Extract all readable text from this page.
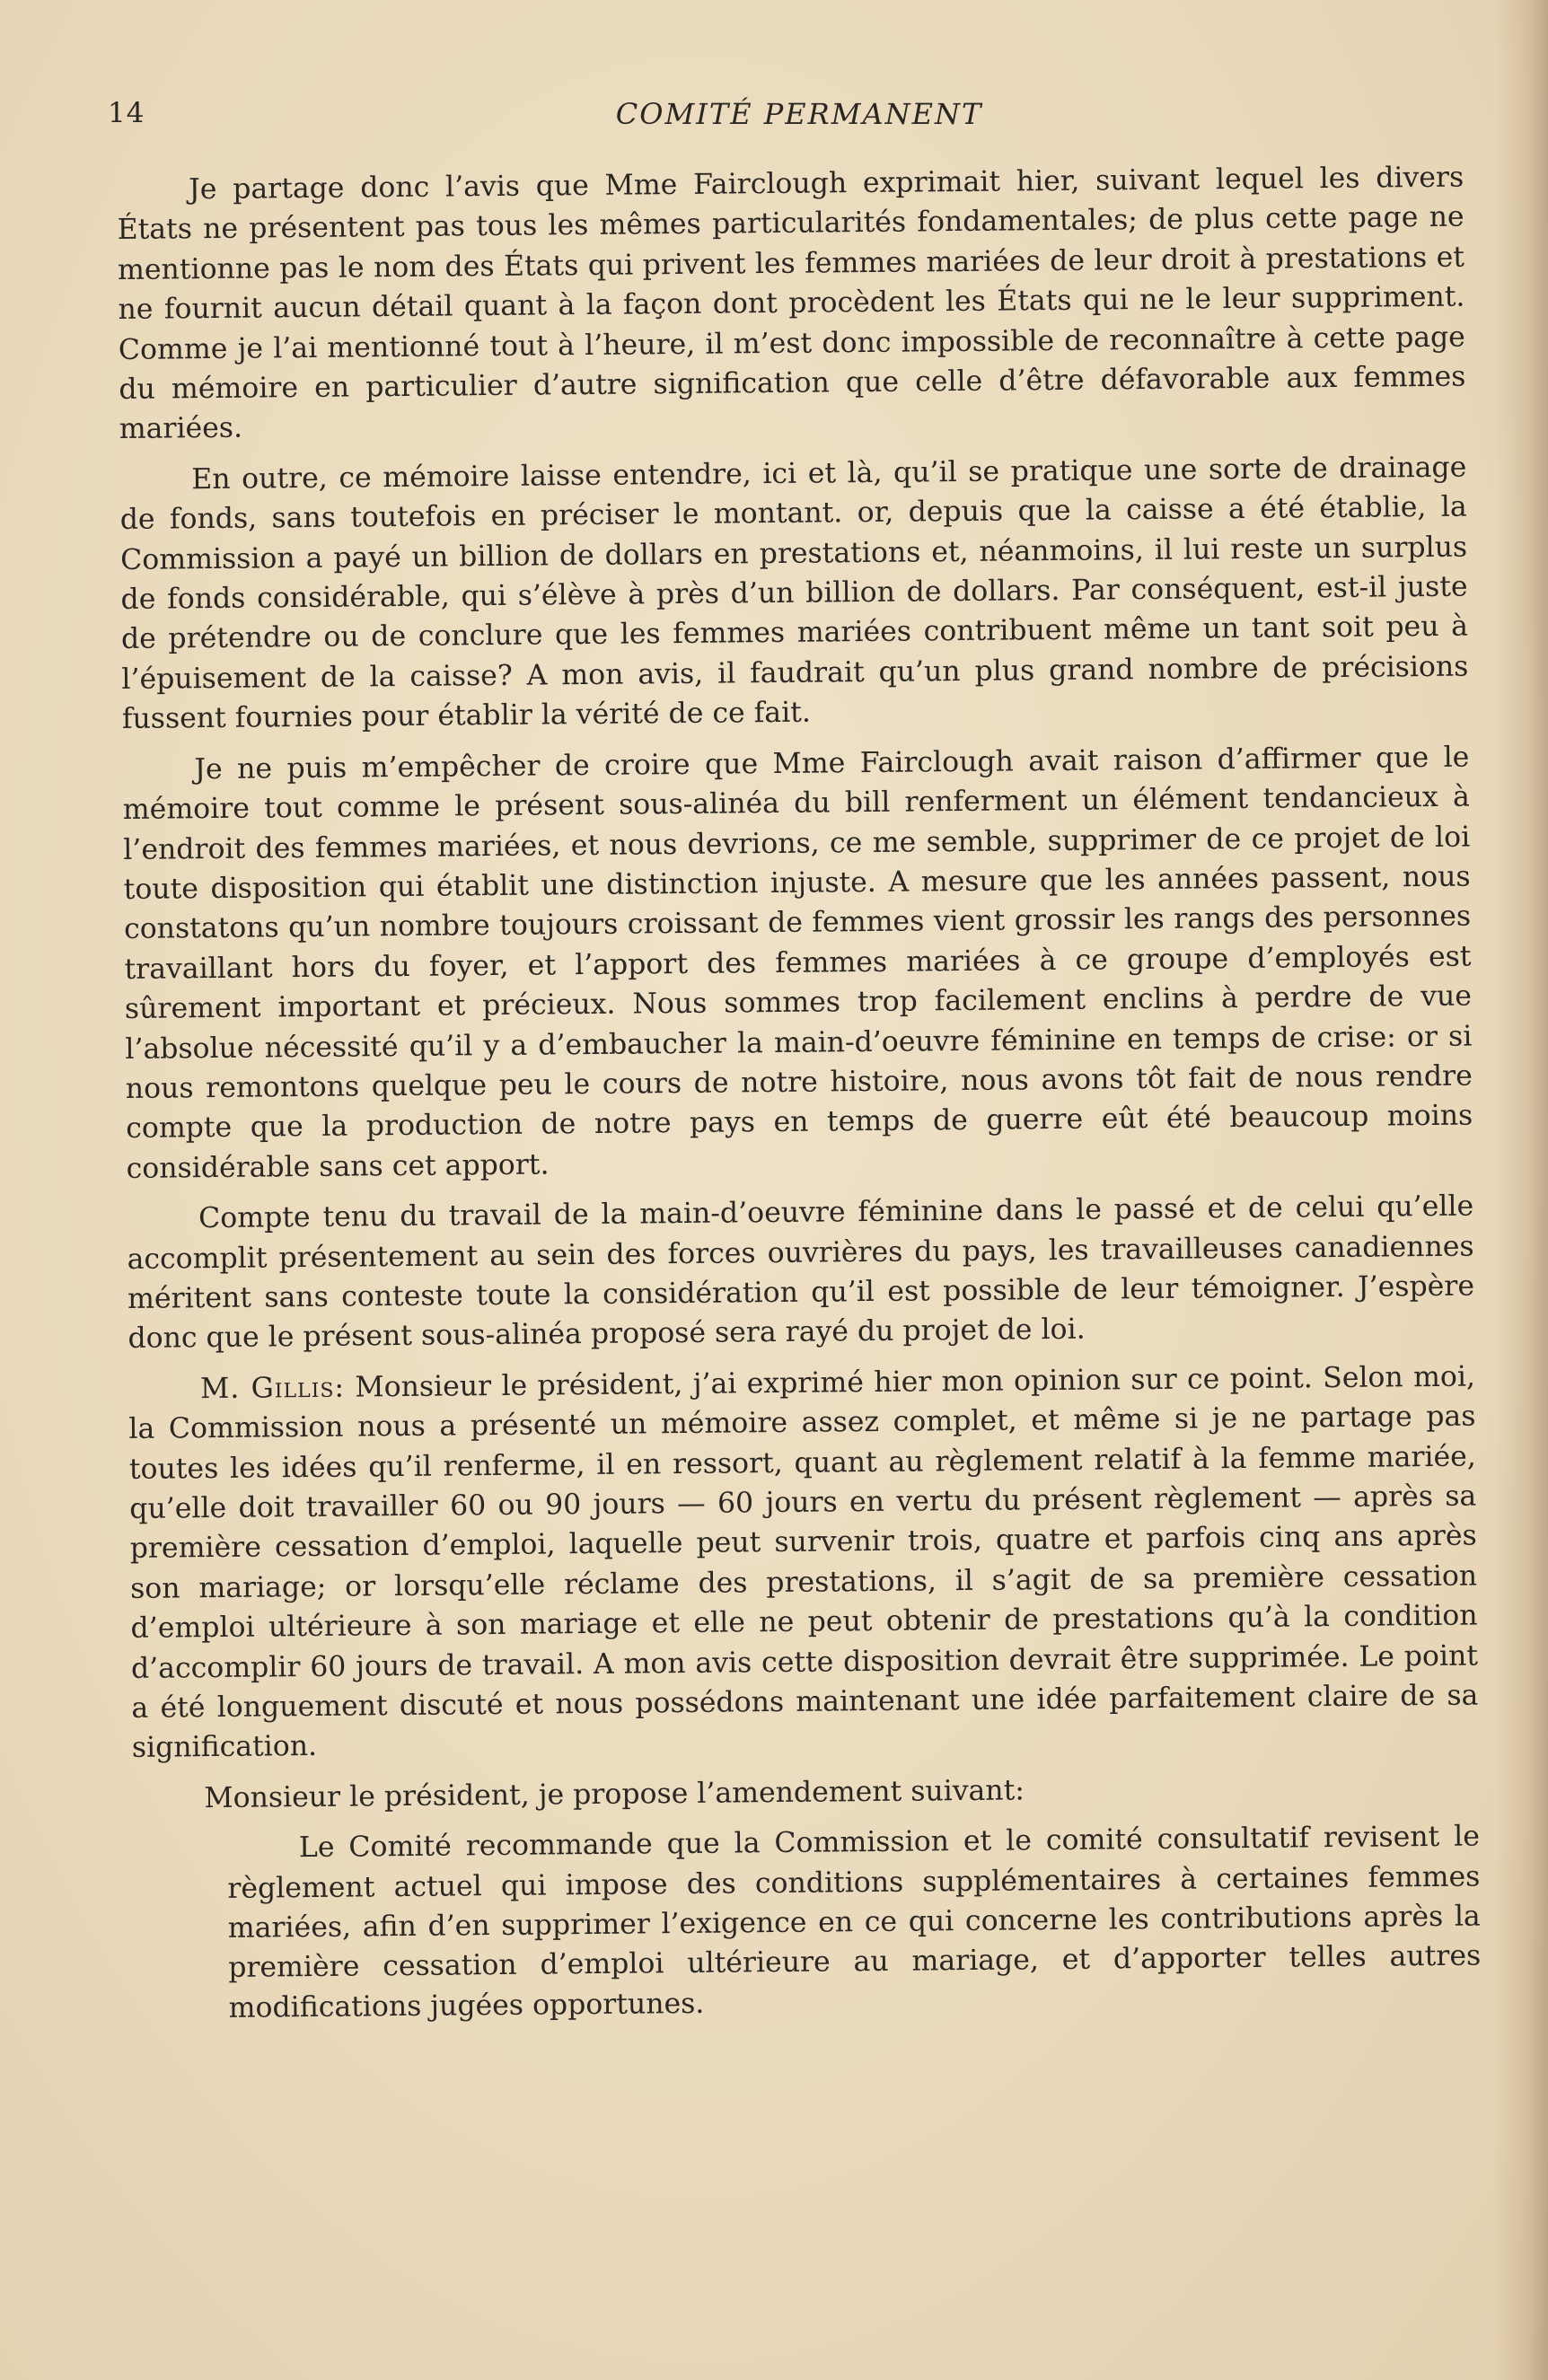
14	COMITÉ PERMANENT

Je partage donc l’avis que Mme Fairclough exprimait hier, suivant lequel les divers États ne présentent pas tous les mêmes particularités fondamentales; de plus cette page ne mentionne pas le nom des États qui privent les femmes mariées de leur droit à prestations et ne fournit aucun détail quant à la façon dont procèdent les États qui ne le leur suppriment. Comme je l’ai mentionné tout à l’heure, il m’est donc impossible de reconnaître à cette page du mémoire en particulier d’autre signification que celle d’être défavorable aux femmes mariées.

En outre, ce mémoire laisse entendre, ici et là, qu’il se pratique une sorte de drainage de fonds, sans toutefois en préciser le montant. or, depuis que la caisse a été établie, la Commission a payé un billion de dollars en prestations et, néanmoins, il lui reste un surplus de fonds considérable, qui s’élève à près d’un billion de dollars. Par conséquent, est-il juste de prétendre ou de conclure que les femmes mariées contribuent même un tant soit peu à l’épuisement de la caisse? A mon avis, il faudrait qu’un plus grand nombre de précisions fussent fournies pour établir la vérité de ce fait.

Je ne puis m’empêcher de croire que Mme Fairclough avait raison d’affirmer que le mémoire tout comme le présent sous-alinéa du bill renferment un élément tendancieux à l’endroit des femmes mariées, et nous devrions, ce me semble, supprimer de ce projet de loi toute disposition qui établit une distinction injuste. A mesure que les années passent, nous constatons qu’un nombre toujours croissant de femmes vient grossir les rangs des personnes travaillant hors du foyer, et l’apport des femmes mariées à ce groupe d’employés est sûrement important et précieux. Nous sommes trop facilement enclins à perdre de vue l’absolue nécessité qu’il y a d’embaucher la main-d’oeuvre féminine en temps de crise: or si nous remontons quelque peu le cours de notre histoire, nous avons tôt fait de nous rendre compte que la production de notre pays en temps de guerre eût été beaucoup moins considérable sans cet apport.

Compte tenu du travail de la main-d’oeuvre féminine dans le passé et de celui qu’elle accomplit présentement au sein des forces ouvrières du pays, les travailleuses canadiennes méritent sans conteste toute la considération qu’il est possible de leur témoigner. J’espère donc que le présent sous-alinéa proposé sera rayé du projet de loi.

M. Gillis: Monsieur le président, j’ai exprimé hier mon opinion sur ce point. Selon moi, la Commission nous a présenté un mémoire assez complet, et même si je ne partage pas toutes les idées qu’il renferme, il en ressort, quant au règlement relatif à la femme mariée, qu’elle doit travailler 60 ou 90 jours — 60 jours en vertu du présent règlement — après sa première cessation d’emploi, laquelle peut survenir trois, quatre et parfois cinq ans après son mariage; or lorsqu’elle réclame des prestations, il s’agit de sa première cessation d’emploi ultérieure à son mariage et elle ne peut obtenir de prestations qu’à la condition d’accomplir 60 jours de travail. A mon avis cette disposition devrait être supprimée. Le point a été longuement discuté et nous possédons maintenant une idée parfaitement claire de sa signification.

Monsieur le président, je propose l’amendement suivant:

Le Comité recommande que la Commission et le comité consultatif revisent le règlement actuel qui impose des conditions supplémentaires à certaines femmes mariées, afin d’en supprimer l’exigence en ce qui concerne les contributions après la première cessation d’emploi ultérieure au mariage, et d’apporter telles autres modifications jugées opportunes.
